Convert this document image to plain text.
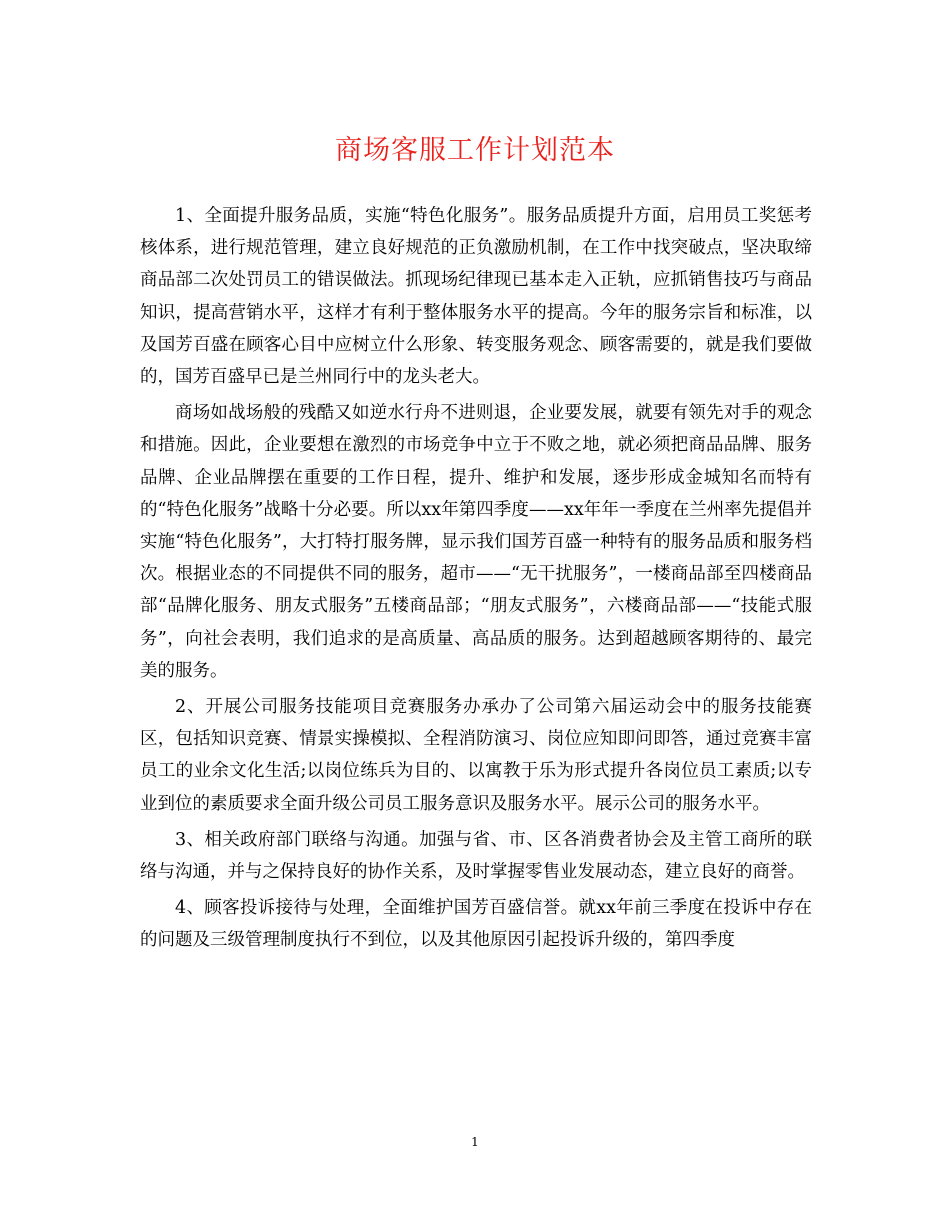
商场客服工作计划范本

1、全面提升服务品质，实施“特色化服务”。服务品质提升方面，启用员工奖惩考核体系，进行规范管理，建立良好规范的正负激励机制，在工作中找突破点，坚决取缔商品部二次处罚员工的错误做法。抓现场纪律现已基本走入正轨，应抓销售技巧与商品知识，提高营销水平，这样才有利于整体服务水平的提高。今年的服务宗旨和标准，以及国芳百盛在顾客心目中应树立什么形象、转变服务观念、顾客需要的，就是我们要做的，国芳百盛早已是兰州同行中的龙头老大。

商场如战场般的残酷又如逆水行舟不进则退，企业要发展，就要有领先对手的观念和措施。因此，企业要想在激烈的市场竞争中立于不败之地，就必须把商品品牌、服务品牌、企业品牌摆在重要的工作日程，提升、维护和发展，逐步形成金城知名而特有的“特色化服务”战略十分必要。所以xx年第四季度——xx年年一季度在兰州率先提倡并实施“特色化服务”，大打特打服务牌，显示我们国芳百盛一种特有的服务品质和服务档次。根据业态的不同提供不同的服务，超市——“无干扰服务”，一楼商品部至四楼商品部“品牌化服务、朋友式服务”五楼商品部；“朋友式服务”，六楼商品部——“技能式服务”，向社会表明，我们追求的是高质量、高品质的服务。达到超越顾客期待的、最完美的服务。

2、开展公司服务技能项目竞赛服务办承办了公司第六届运动会中的服务技能赛区，包括知识竞赛、情景实操模拟、全程消防演习、岗位应知即问即答，通过竞赛丰富员工的业余文化生活;以岗位练兵为目的、以寓教于乐为形式提升各岗位员工素质;以专业到位的素质要求全面升级公司员工服务意识及服务水平。展示公司的服务水平。

3、相关政府部门联络与沟通。加强与省、市、区各消费者协会及主管工商所的联络与沟通，并与之保持良好的协作关系，及时掌握零售业发展动态，建立良好的商誉。

4、顾客投诉接待与处理，全面维护国芳百盛信誉。就xx年前三季度在投诉中存在的问题及三级管理制度执行不到位，以及其他原因引起投诉升级的，第四季度

1
